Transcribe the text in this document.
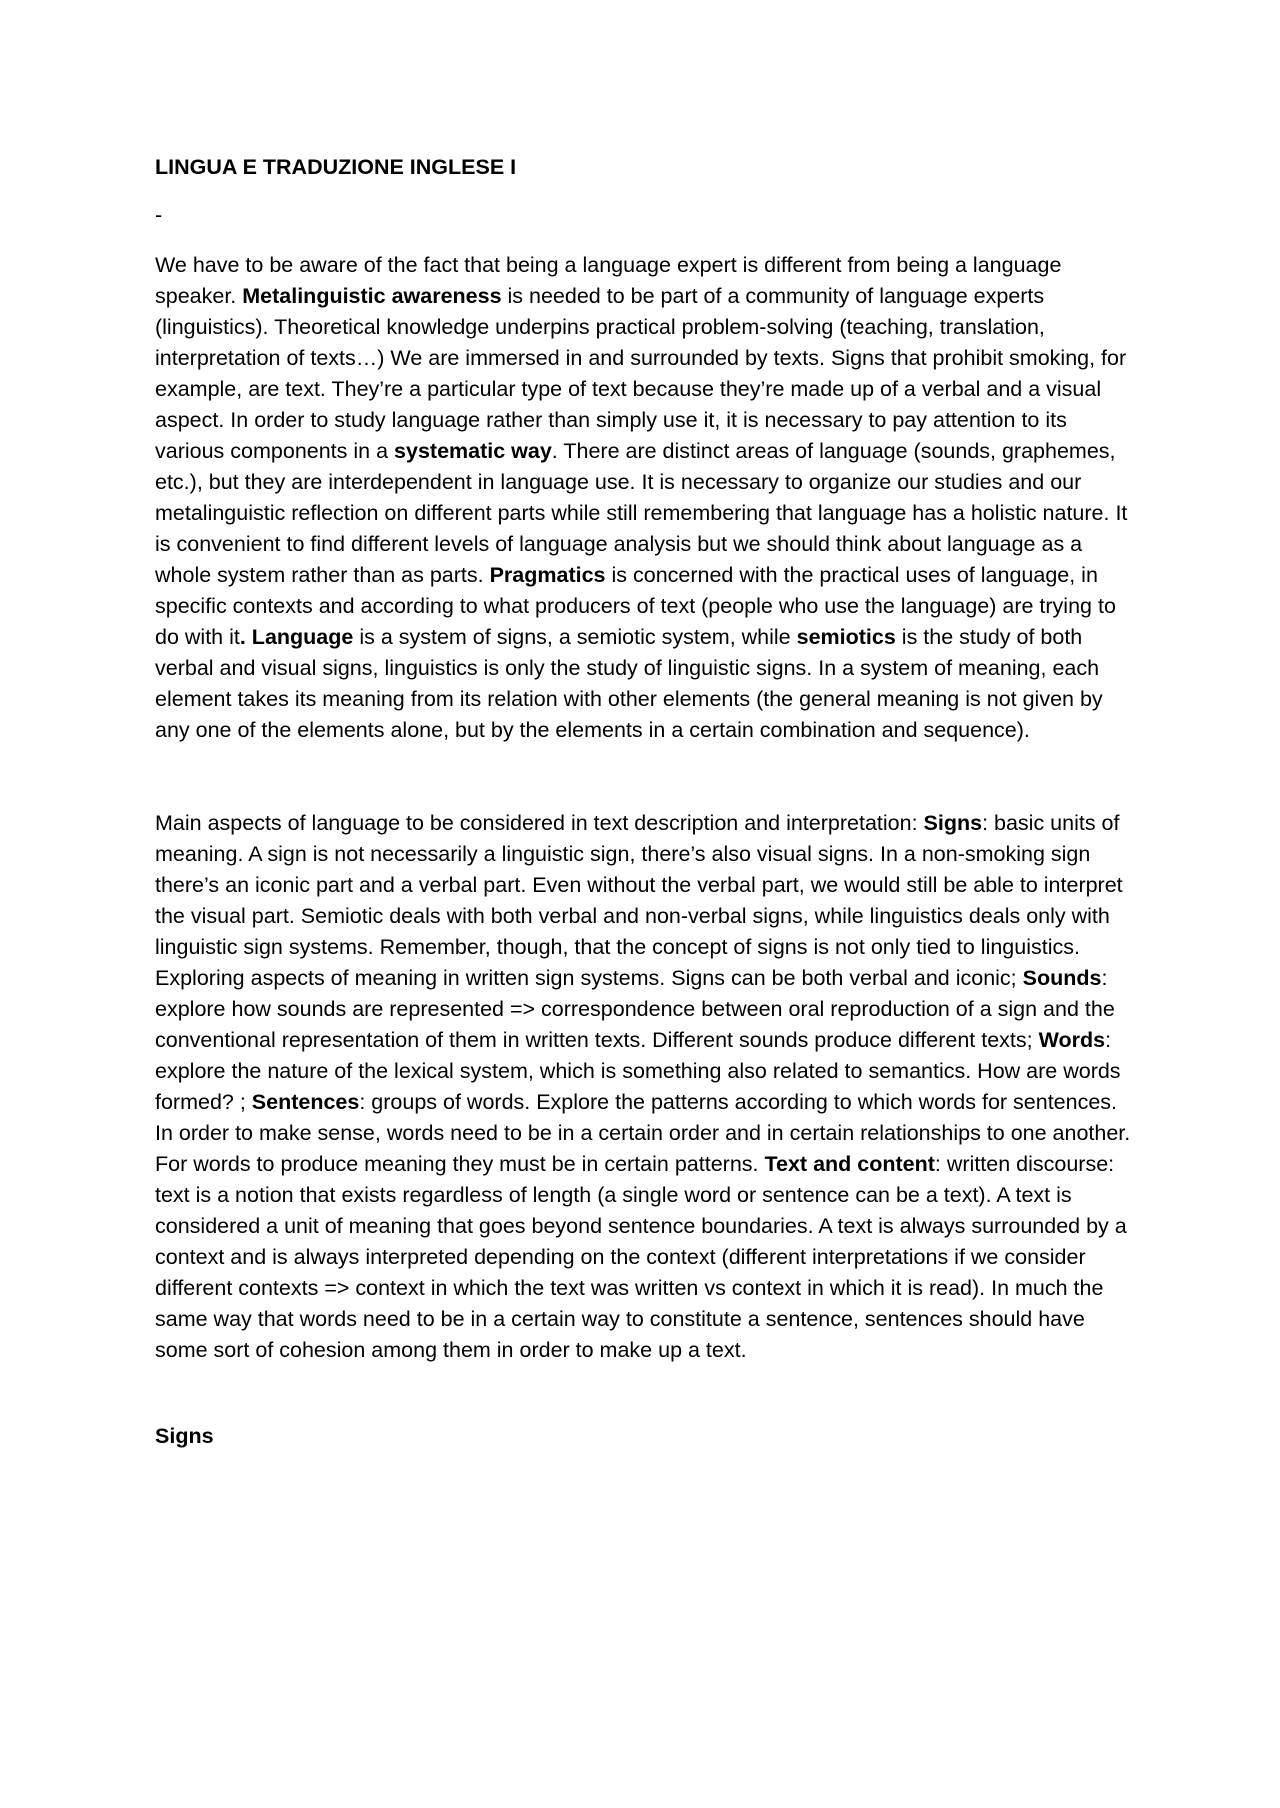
LINGUA E TRADUZIONE INGLESE I
-

We have to be aware of the fact that being a language expert is different from being a language speaker. Metalinguistic awareness is needed to be part of a community of language experts (linguistics). Theoretical knowledge underpins practical problem-solving (teaching, translation, interpretation of texts…) We are immersed in and surrounded by texts. Signs that prohibit smoking, for example, are text. They’re a particular type of text because they’re made up of a verbal and a visual aspect. In order to study language rather than simply use it, it is necessary to pay attention to its various components in a systematic way. There are distinct areas of language (sounds, graphemes, etc.), but they are interdependent in language use. It is necessary to organize our studies and our metalinguistic reflection on different parts while still remembering that language has a holistic nature. It is convenient to find different levels of language analysis but we should think about language as a whole system rather than as parts. Pragmatics is concerned with the practical uses of language, in specific contexts and according to what producers of text (people who use the language) are trying to do with it. Language is a system of signs, a semiotic system, while semiotics is the study of both verbal and visual signs, linguistics is only the study of linguistic signs. In a system of meaning, each element takes its meaning from its relation with other elements (the general meaning is not given by any one of the elements alone, but by the elements in a certain combination and sequence).

Main aspects of language to be considered in text description and interpretation: Signs: basic units of meaning. A sign is not necessarily a linguistic sign, there’s also visual signs. In a non-smoking sign there’s an iconic part and a verbal part. Even without the verbal part, we would still be able to interpret the visual part. Semiotic deals with both verbal and non-verbal signs, while linguistics deals only with linguistic sign systems. Remember, though, that the concept of signs is not only tied to linguistics. Exploring aspects of meaning in written sign systems. Signs can be both verbal and iconic; Sounds: explore how sounds are represented => correspondence between oral reproduction of a sign and the conventional representation of them in written texts. Different sounds produce different texts; Words: explore the nature of the lexical system, which is something also related to semantics. How are words formed? ; Sentences: groups of words. Explore the patterns according to which words for sentences. In order to make sense, words need to be in a certain order and in certain relationships to one another. For words to produce meaning they must be in certain patterns. Text and content: written discourse: text is a notion that exists regardless of length (a single word or sentence can be a text). A text is considered a unit of meaning that goes beyond sentence boundaries. A text is always surrounded by a context and is always interpreted depending on the context (different interpretations if we consider different contexts => context in which the text was written vs context in which it is read). In much the same way that words need to be in a certain way to constitute a sentence, sentences should have some sort of cohesion among them in order to make up a text.

Signs
